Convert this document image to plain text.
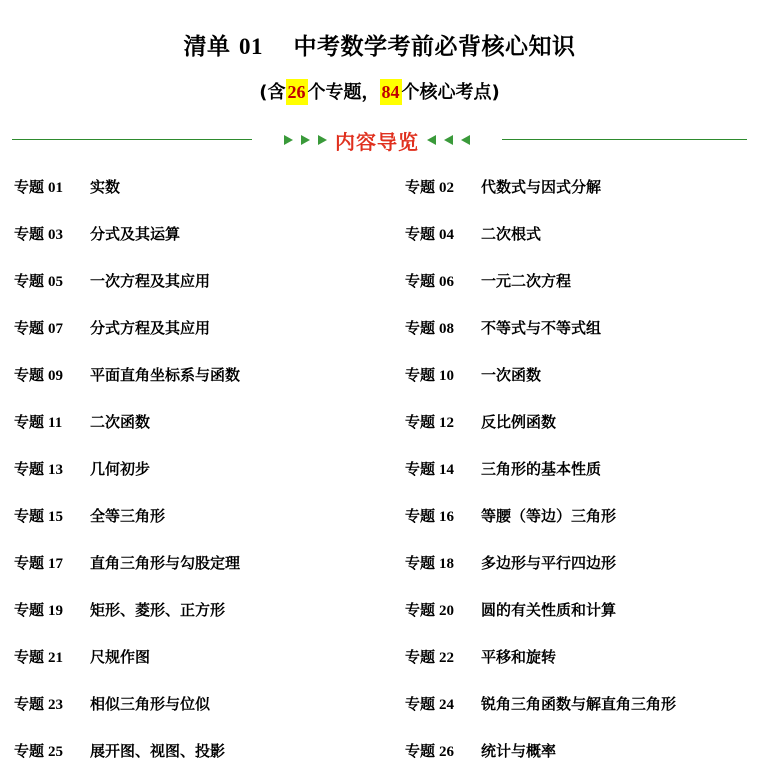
清单 01 中考数学考前必背核心知识
(含 26 个专题， 84 个核心考点)
内容导览
专题 01 实数	专题 02 代数式与因式分解
专题 03 分式及其运算	专题 04 二次根式
专题 05 一次方程及其应用	专题 06 一元二次方程
专题 07 分式方程及其应用	专题 08 不等式与不等式组
专题 09 平面直角坐标系与函数	专题 10 一次函数
专题 11 二次函数	专题 12 反比例函数
专题 13 几何初步	专题 14 三角形的基本性质
专题 15 全等三角形	专题 16 等腰（等边）三角形
专题 17 直角三角形与勾股定理	专题 18 多边形与平行四边形
专题 19 矩形、菱形、正方形	专题 20 圆的有关性质和计算
专题 21 尺规作图	专题 22 平移和旋转
专题 23 相似三角形与位似	专题 24 锐角三角函数与解直角三角形
专题 25 展开图、视图、投影	专题 26 统计与概率
